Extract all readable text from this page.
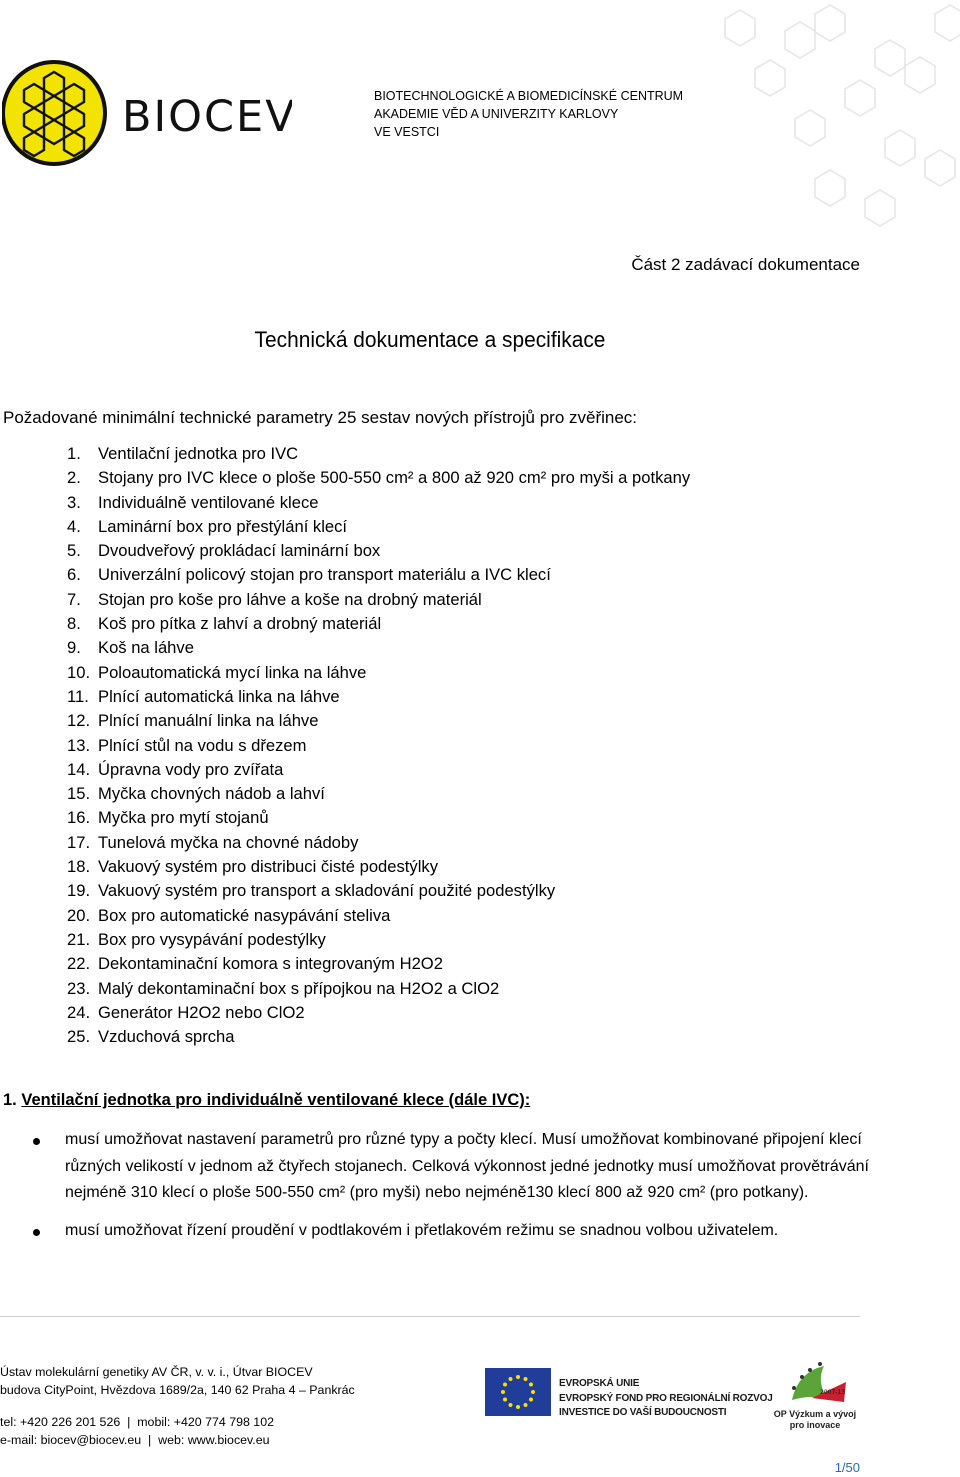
BIOCEV	BIOTECHNOLOGICKÉ A BIOMEDICÍNSKÉ CENTRUM
AKADEMIE VĚD A UNIVERZITY KARLOVY
VE VESTCI
Část 2 zadávací dokumentace
Technická dokumentace a specifikace
Požadované minimální technické parametry 25 sestav nových přístrojů pro zvěřinec:
1. Ventilační jednotka pro IVC
2. Stojany pro IVC klece o ploše 500-550 cm² a 800 až 920 cm² pro myši a potkany
3. Individuálně ventilované klece
4. Laminární box pro přestýlání klecí
5. Dvoudveřový prokládací laminární box
6. Univerzální policový stojan pro transport materiálu a IVC klecí
7. Stojan pro koše pro láhve a koše na drobný materiál
8. Koš pro pítka z lahví a drobný materiál
9. Koš na láhve
10. Poloautomatická mycí linka na láhve
11. Plnící automatická linka na láhve
12. Plnící manuální linka na láhve
13. Plnící stůl na vodu s dřezem
14. Úpravna vody pro zvířata
15. Myčka chovných nádob a lahví
16. Myčka pro mytí stojanů
17. Tunelová myčka na chovné nádoby
18. Vakuový systém pro distribuci čisté podestýlky
19. Vakuový systém pro transport a skladování použité podestýlky
20. Box pro automatické nasypávání steliva
21. Box pro vysypávání podestýlky
22. Dekontaminační komora s integrovaným H2O2
23. Malý dekontaminační box s přípojkou na H2O2 a ClO2
24. Generátor H2O2 nebo ClO2
25. Vzduchová sprcha
1. Ventilační jednotka pro individuálně ventilované klece (dále IVC):
musí umožňovat nastavení parametrů pro různé typy a počty klecí. Musí umožňovat kombinované připojení klecí různých velikostí v jednom až čtyřech stojanech. Celková výkonnost jedné jednotky musí umožňovat provětrávání nejméně 310 klecí o ploše 500-550 cm² (pro myši) nebo nejméně130 klecí 800 až 920 cm² (pro potkany).
musí umožňovat řízení proudění v podtlakovém i přetlakovém režimu se snadnou volbou uživatelem.
Ústav molekulární genetiky AV ČR, v. v. i., Útvar BIOCEV
budova CityPoint, Hvězdova 1689/2a, 140 62 Praha 4 – Pankrác
tel: +420 226 201 526  |  mobil: +420 774 798 102
e-mail: biocev@biocev.eu  |  web: www.biocev.eu
EVROPSKÁ UNIE
EVROPSKÝ FOND PRO REGIONÁLNÍ ROZVOJ
INVESTICE DO VAŠÍ BUDOUCNOSTI
2007-13
OP Výzkum a vývoj
pro inovace
1/50
